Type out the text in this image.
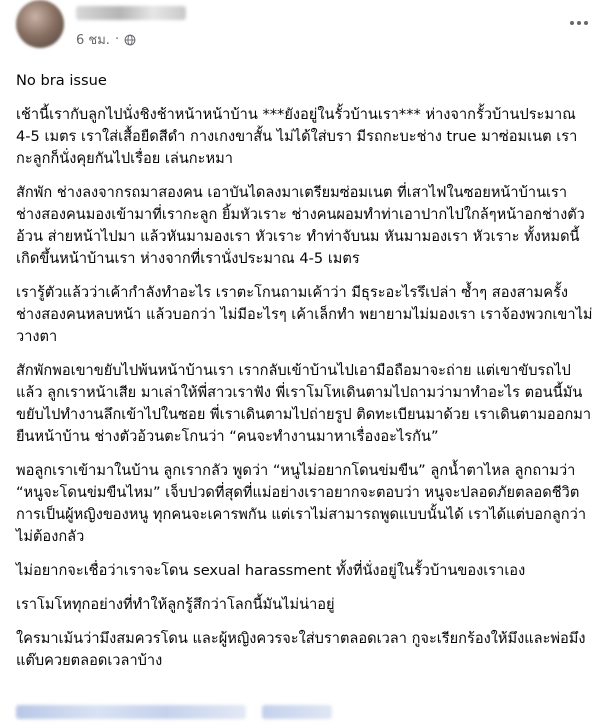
6 ชม. ·

No bra issue

เช้านี้เรากับลูกไปนั่งชิงช้าหน้าหน้าบ้าน ***ยังอยู่ในรั้วบ้านเรา*** ห่างจากรั้วบ้านประมาณ 4-5 เมตร เราใส่เสื้อยืดสีดำ กางเกงขาสั้น ไม่ได้ใส่บรา มีรถกะบะช่าง true มาซ่อมเนต เรากะลูกก็นั่งคุยกันไปเรื่อย เล่นกะหมา

สักพัก ช่างลงจากรถมาสองคน เอาบันไดลงมาเตรียมซ่อมเนต ที่เสาไฟในซอยหน้าบ้านเรา ช่างสองคนมองเข้ามาที่เรากะลูก ยิ้มหัวเราะ ช่างคนผอมทำท่าเอาปากไปใกล้ๆหน้าอกช่างตัวอ้วน ส่ายหน้าไปมา แล้วหันมามองเรา หัวเราะ ทำท่าจับนม หันมามองเรา หัวเราะ ทั้งหมดนี้เกิดขึ้นหน้าบ้านเรา ห่างจากที่เรานั่งประมาณ 4-5 เมตร

เรารู้ตัวแล้วว่าเค้ากำลังทำอะไร เราตะโกนถามเค้าว่า มีธุระอะไรรึเปล่า ซ้ำๆ สองสามครั้ง ช่างสองคนหลบหน้า แล้วบอกว่า ไม่มีอะไรๆ เค้าเล็กทำ พยายามไม่มองเรา เราจ้องพวกเขาไม่วางตา

สักพักพอเขาขยับไปพ้นหน้าบ้านเรา เรากลับเข้าบ้านไปเอามือถือมาจะถ่าย แต่เขาขับรถไปแล้ว ลูกเราหน้าเสีย มาเล่าให้พี่สาวเราฟัง พี่เราโมโหเดินตามไปถามว่ามาทำอะไร ตอนนี้มันขยับไปทำงานลึกเข้าไปในซอย พี่เราเดินตามไปถ่ายรูป ติดทะเบียนมาด้วย เราเดินตามออกมายืนหน้าบ้าน ช่างตัวอ้วนตะโกนว่า “คนจะทำงานมาหาเรื่องอะไรกัน”

พอลูกเราเข้ามาในบ้าน ลูกเรากลัว พูดว่า “หนูไม่อยากโดนข่มขืน” ลูกน้ำตาไหล ลูกถามว่า “หนูจะโดนข่มขืนไหม” เจ็บปวดที่สุดที่แม่อย่างเราอยากจะตอบว่า หนูจะปลอดภัยตลอดชีวิตการเป็นผู้หญิงของหนู ทุกคนจะเคารพกัน แต่เราไม่สามารถพูดแบบนั้นได้ เราได้แต่บอกลูกว่า ไม่ต้องกลัว

ไม่อยากจะเชื่อว่าเราจะโดน sexual harassment ทั้งที่นั่งอยู่ในรั้วบ้านของเราเอง

เราโมโหทุกอย่างที่ทำให้ลูกรู้สึกว่าโลกนี้มันไม่น่าอยู่

ใครมาเม้นว่ามึงสมควรโดน และผู้หญิงควรจะใส่บราตลอดเวลา กูจะเรียกร้องให้มึงและพ่อมึงแต๊บควยตลอดเวลาบ้าง
